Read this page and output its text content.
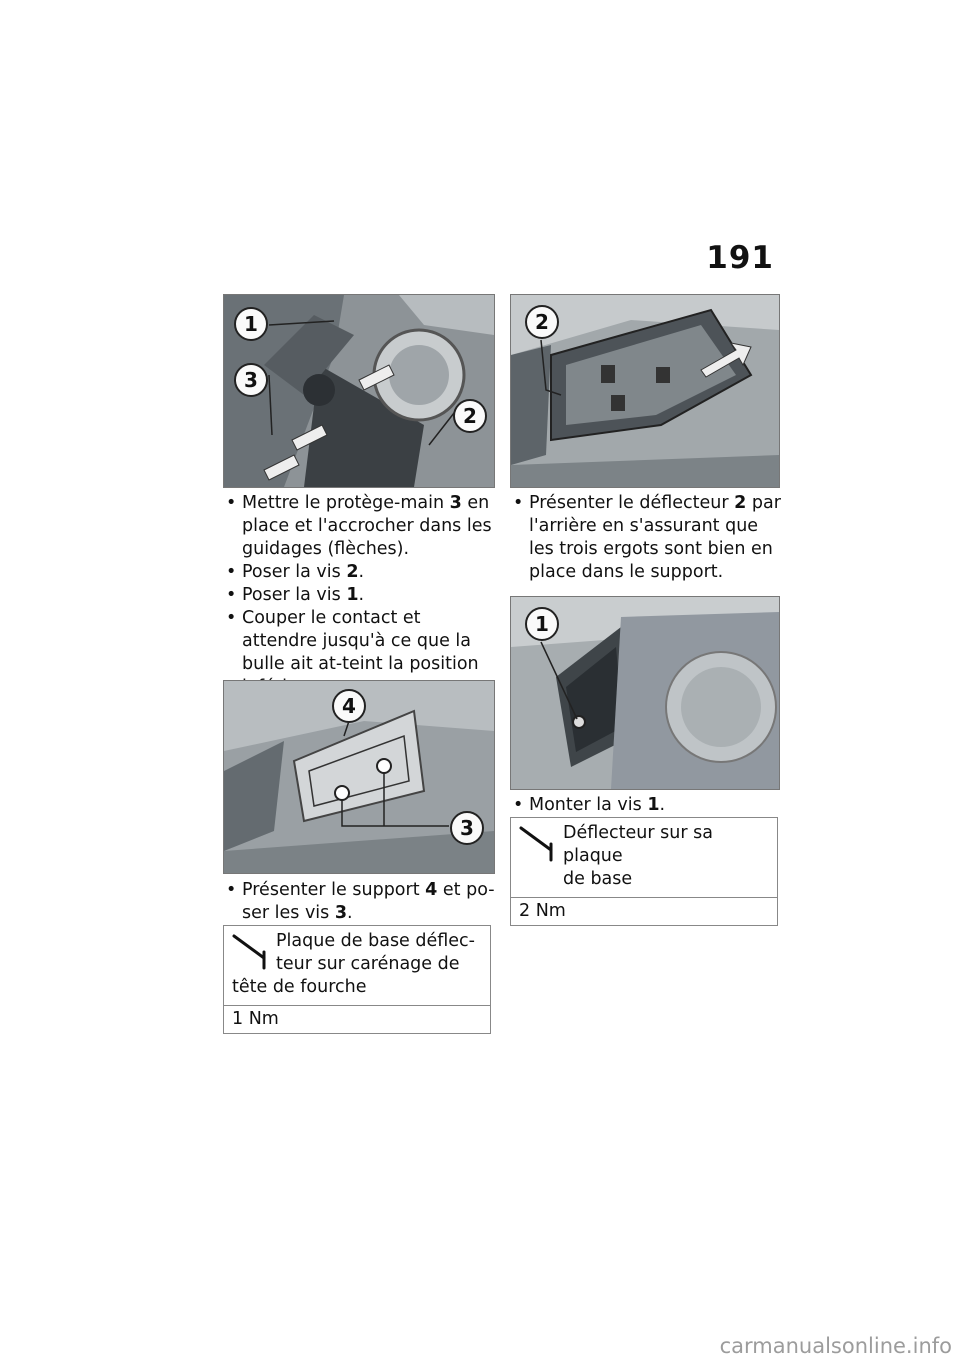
191
1
3
2
• Mettre le protège-main 3 en place et l'accrocher dans les guidages (flèches).
• Poser la vis 2.
• Poser la vis 1.
• Couper le contact et attendre jusqu'à ce que la bulle ait at-teint la position
4
3
• Présenter le support 4 et po-ser les vis 3.
Plaque de base déflec-
teur sur carénage de
tête de fourche
1 Nm
2
• Présenter le déflecteur 2 par l'arrière en s'assurant que les trois ergots sont bien en place dans le support.
1
• Monter la vis 1.
Déflecteur sur sa plaque
de base
2 Nm
carmanualsonline.info
